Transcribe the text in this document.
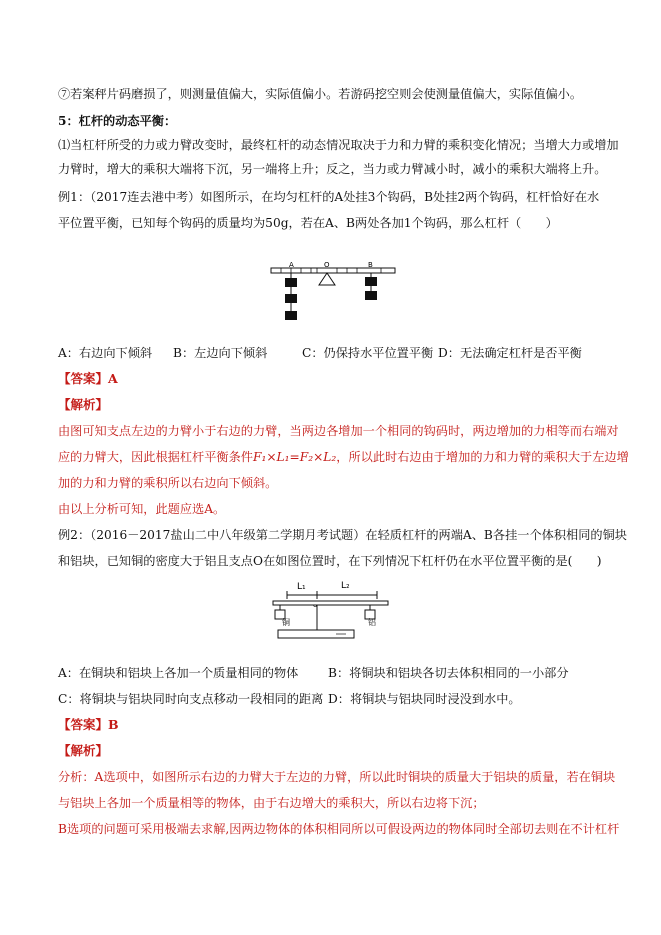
⑦若案秤片码磨损了，则测量值偏大，实际值偏小。若游码挖空则会使测量值偏大，实际值偏小。
5：杠杆的动态平衡：
⑴当杠杆所受的力或力臂改变时，最终杠杆的动态情况取决于力和力臂的乘积变化情况；当增大力或增加
力臂时，增大的乘积大端将下沉，另一端将上升；反之，当力或力臂减小时，减小的乘积大端将上升。
例1：（2017连去港中考）如图所示，在均匀杠杆的A处挂3个钩码，B处挂2两个钩码，杠杆恰好在水
平位置平衡，已知每个钩码的质量均为50g，若在A、B两处各加1个钩码，那么杠杆（　　）
A	O	B
A：右边向下倾斜 B：左边向下倾斜	C：仍保持水平位置平衡 D：无法确定杠杆是否平衡
【答案】A
【解析】
由图可知支点左边的力臂小于右边的力臂，当两边各增加一个相同的钩码时，两边增加的力相等而右端对
应的力臂大，因此根据杠杆平衡条件F₁×L₁=F₂×L₂，所以此时右边由于增加的力和力臂的乘积大于左边增
加的力和力臂的乘积所以右边向下倾斜。
由以上分析可知，此题应选A。
例2：（2016－2017盐山二中八年级第二学期月考试题）在轻质杠杆的两端A、B各挂一个体积相同的铜块
和铝块，已知铜的密度大于铝且支点O在如图位置时，在下列情况下杠杆仍在水平位置平衡的是(　　)
L₁	L₂
铜	铝
A：在铜块和铝块上各加一个质量相同的物体 B：将铜块和铝块各切去体积相同的一小部分
C：将铜块与铝块同时向支点移动一段相同的距离 D：将铜块与铝块同时浸没到水中。
【答案】B
【解析】
分析：A选项中，如图所示右边的力臂大于左边的力臂，所以此时铜块的质量大于铝块的质量，若在铜块
与铝块上各加一个质量相等的物体，由于右边增大的乘积大，所以右边将下沉；
B选项的问题可采用极端去求解,因两边物体的体积相同所以可假设两边的物体同时全部切去则在不计杠杆
